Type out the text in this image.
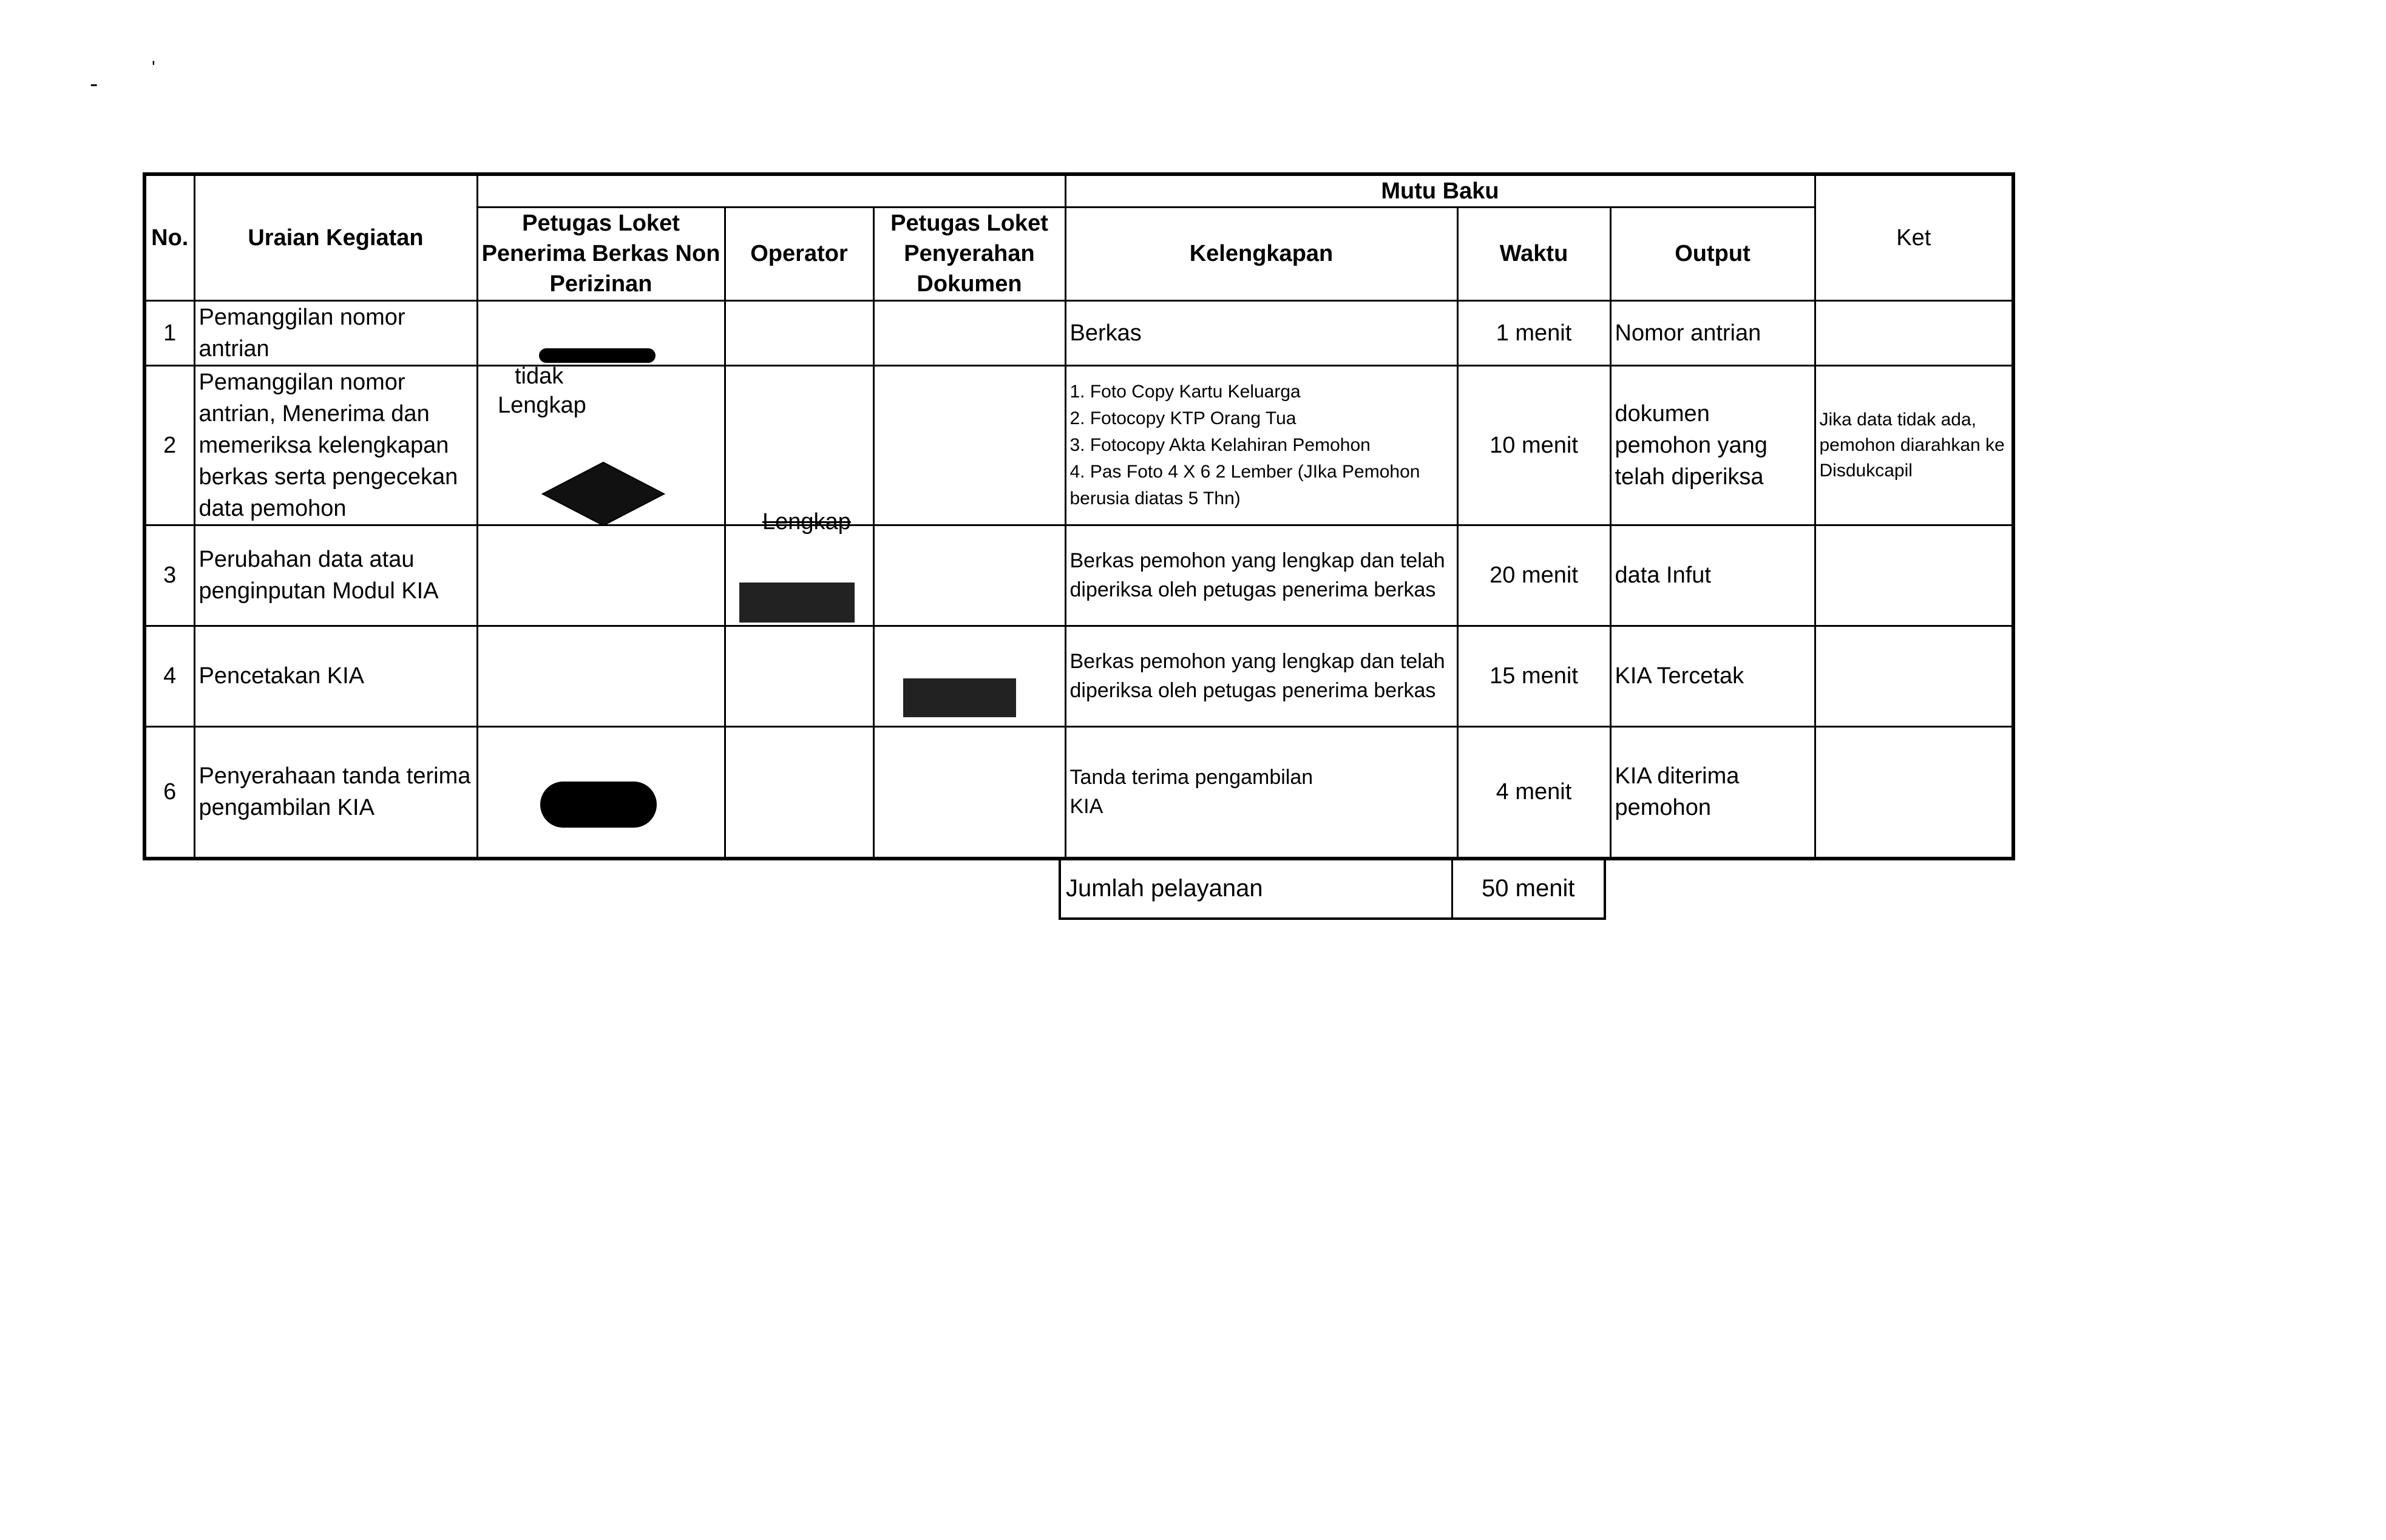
-
'
No.	Uraian Kegiatan				Mutu Baku			Ket
		Petugas Loket Penerima Berkas Non Perizinan	Operator	Petugas Loket Penyerahan Dokumen	Kelengkapan	Waktu	Output	
1	Pemanggilan nomor antrian				Berkas	1 menit	Nomor antrian	
2	Pemanggilan nomor antrian, Menerima dan memeriksa kelengkapan berkas serta pengecekan data pemohon				1. Foto Copy Kartu Keluarga
2. Fotocopy KTP Orang Tua
3. Fotocopy Akta Kelahiran Pemohon
4. Pas Foto 4 X 6 2 Lember (JIka Pemohon berusia diatas 5 Thn)	10 menit	dokumen pemohon yang telah diperiksa	Jika data tidak ada, pemohon diarahkan ke Disdukcapil
3	Perubahan data atau penginputan Modul KIA				Berkas pemohon yang lengkap dan telah diperiksa oleh petugas penerima berkas	20 menit	data Infut	
4	Pencetakan KIA				Berkas pemohon yang lengkap dan telah diperiksa oleh petugas penerima berkas	15 menit	KIA Tercetak	
6	Penyerahaan tanda terima pengambilan KIA				Tanda terima pengambilan
KIA	4 menit	KIA diterima pemohon	
Jumlah pelayanan	50 menit
tidak
Lengkap
Lengkap
